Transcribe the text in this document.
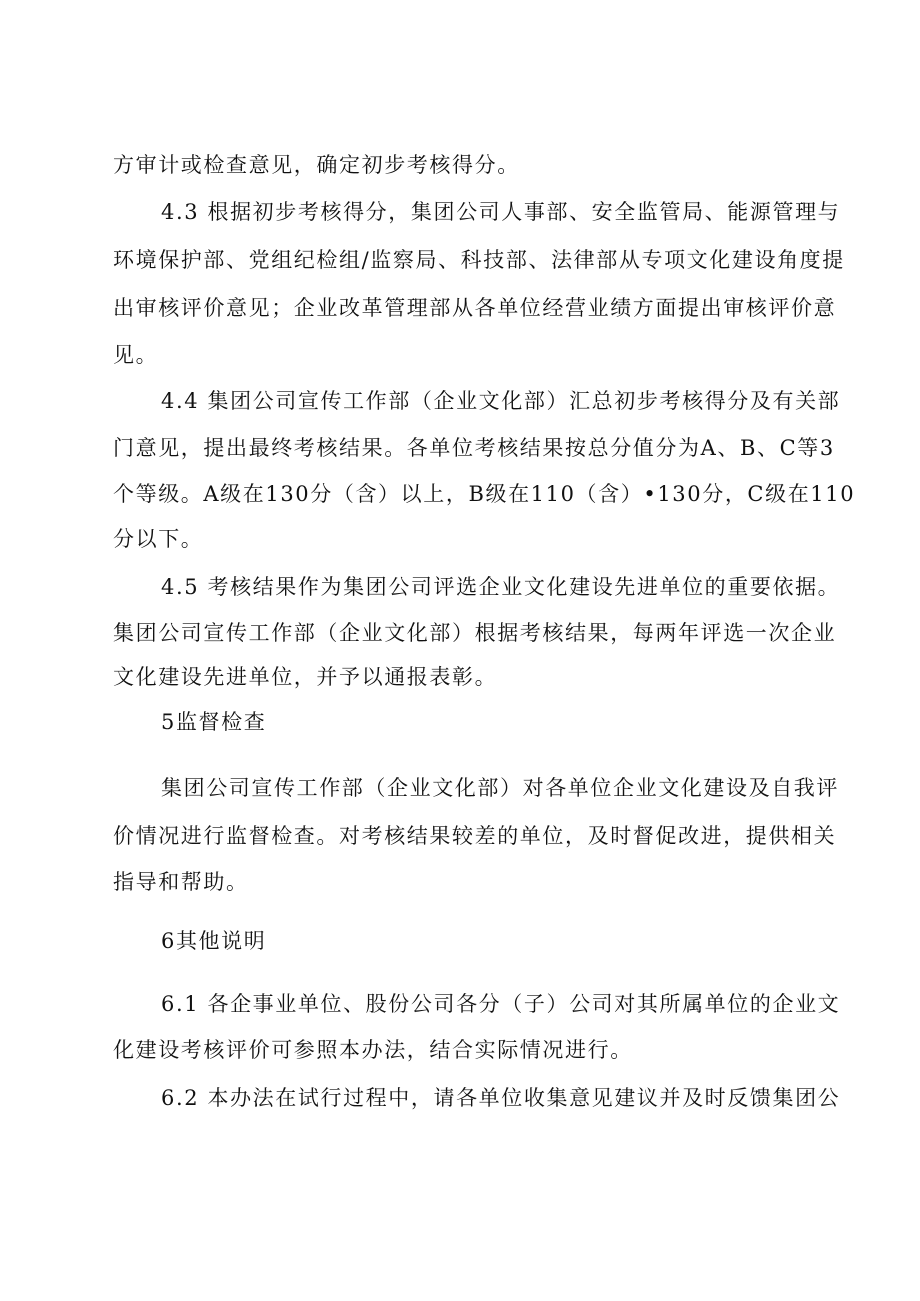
方审计或检查意见，确定初步考核得分。
4.3 根据初步考核得分，集团公司人事部、安全监管局、能源管理与
环境保护部、党组纪检组/监察局、科技部、法律部从专项文化建设角度提
出审核评价意见；企业改革管理部从各单位经营业绩方面提出审核评价意
见。
4.4 集团公司宣传工作部（企业文化部）汇总初步考核得分及有关部
门意见，提出最终考核结果。各单位考核结果按总分值分为A、B、C等3
个等级。A级在130分（含）以上，B级在110（含）•130分，C级在110
分以下。
4.5 考核结果作为集团公司评选企业文化建设先进单位的重要依据。
集团公司宣传工作部（企业文化部）根据考核结果，每两年评选一次企业
文化建设先进单位，并予以通报表彰。
5监督检查
集团公司宣传工作部（企业文化部）对各单位企业文化建设及自我评
价情况进行监督检查。对考核结果较差的单位，及时督促改进，提供相关
指导和帮助。
6其他说明
6.1 各企事业单位、股份公司各分（子）公司对其所属单位的企业文
化建设考核评价可参照本办法，结合实际情况进行。
6.2 本办法在试行过程中，请各单位收集意见建议并及时反馈集团公
